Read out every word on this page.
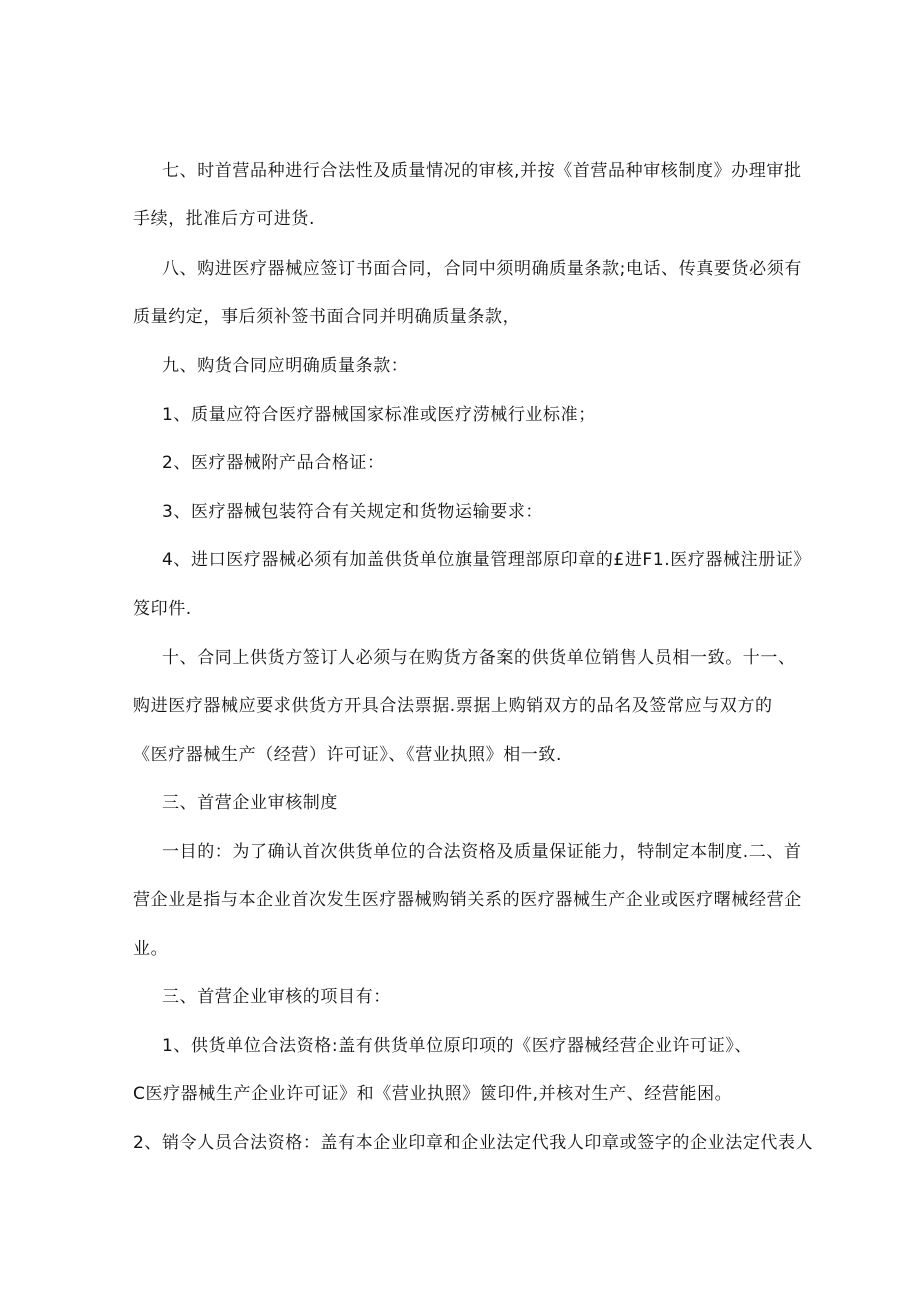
七、时首营品种进行合法性及质量情况的审核,并按《首营品种审核制度》办理审批
手续，批准后方可进货.
八、购进医疗器械应签订书面合同，合同中须明确质量条款;电话、传真要货必须有
质量约定，事后须补签书面合同并明确质量条款，
九、购货合同应明确质量条款：
1、质量应符合医疗器械国家标准或医疗涝械行业标准；
2、医疗器械附产品合格证：
3、医疗器械包装符合有关规定和货物运输要求：
4、进口医疗器械必须有加盖供货单位旗量管理部原印章的£进F1.医疗器械注册证》
笈印件.
十、合同上供货方签订人必须与在购货方备案的供货单位销售人员相一致。十一、
购进医疗器械应要求供货方开具合法票据.票据上购销双方的品名及签常应与双方的
《医疗器械生产（经营）许可证》、《营业执照》相一致.
三、首营企业审核制度
一目的：为了确认首次供货单位的合法资格及质量保证能力，特制定本制度.二、首
营企业是指与本企业首次发生医疗器械购销关系的医疗器械生产企业或医疗曙械经营企
业。
三、首营企业审核的项目有：
1、供货单位合法资格:盖有供货单位原印项的《医疗器械经营企业许可证》、
C医疗器械生产企业许可证》和《营业执照》篋印件,并核对生产、经营能困。
2、销令人员合法资格：盖有本企业印章和企业法定代我人印章或签字的企业法定代表人
